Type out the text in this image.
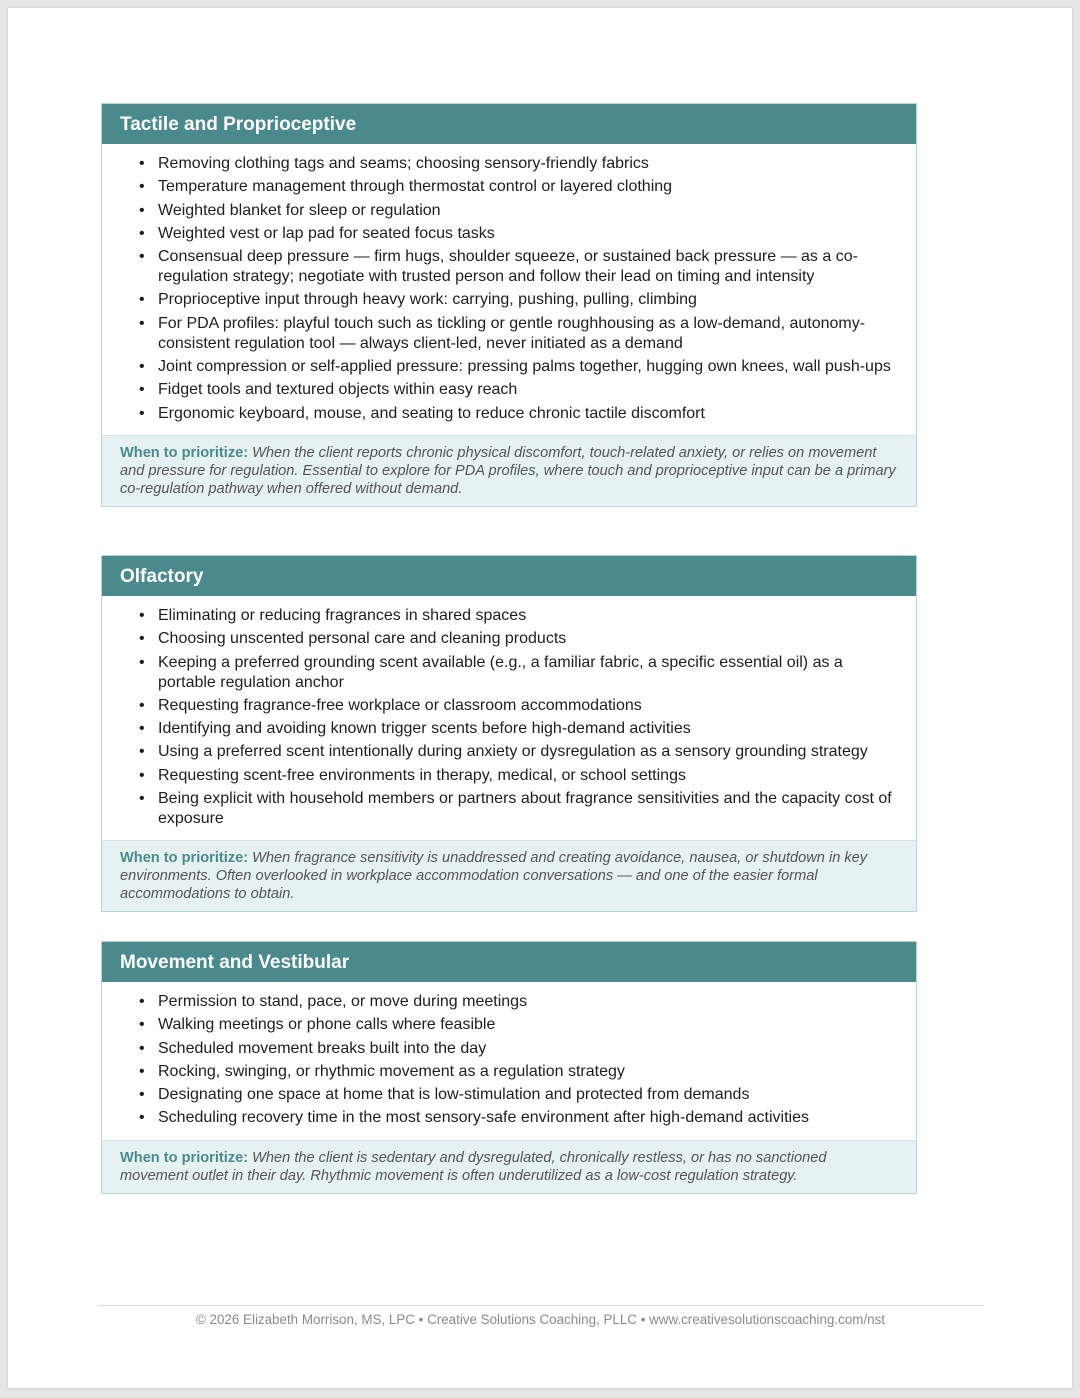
Tactile and Proprioceptive
• Removing clothing tags and seams; choosing sensory-friendly fabrics
• Temperature management through thermostat control or layered clothing
• Weighted blanket for sleep or regulation
• Weighted vest or lap pad for seated focus tasks
• Consensual deep pressure — firm hugs, shoulder squeeze, or sustained back pressure — as a co-regulation strategy; negotiate with trusted person and follow their lead on timing and intensity
• Proprioceptive input through heavy work: carrying, pushing, pulling, climbing
• For PDA profiles: playful touch such as tickling or gentle roughhousing as a low-demand, autonomy-consistent regulation tool — always client-led, never initiated as a demand
• Joint compression or self-applied pressure: pressing palms together, hugging own knees, wall push-ups
• Fidget tools and textured objects within easy reach
• Ergonomic keyboard, mouse, and seating to reduce chronic tactile discomfort
When to prioritize: When the client reports chronic physical discomfort, touch-related anxiety, or relies on movement and pressure for regulation. Essential to explore for PDA profiles, where touch and proprioceptive input can be a primary co-regulation pathway when offered without demand.
Olfactory
• Eliminating or reducing fragrances in shared spaces
• Choosing unscented personal care and cleaning products
• Keeping a preferred grounding scent available (e.g., a familiar fabric, a specific essential oil) as a portable regulation anchor
• Requesting fragrance-free workplace or classroom accommodations
• Identifying and avoiding known trigger scents before high-demand activities
• Using a preferred scent intentionally during anxiety or dysregulation as a sensory grounding strategy
• Requesting scent-free environments in therapy, medical, or school settings
• Being explicit with household members or partners about fragrance sensitivities and the capacity cost of exposure
When to prioritize: When fragrance sensitivity is unaddressed and creating avoidance, nausea, or shutdown in key environments. Often overlooked in workplace accommodation conversations — and one of the easier formal accommodations to obtain.
Movement and Vestibular
• Permission to stand, pace, or move during meetings
• Walking meetings or phone calls where feasible
• Scheduled movement breaks built into the day
• Rocking, swinging, or rhythmic movement as a regulation strategy
• Designating one space at home that is low-stimulation and protected from demands
• Scheduling recovery time in the most sensory-safe environment after high-demand activities
When to prioritize: When the client is sedentary and dysregulated, chronically restless, or has no sanctioned movement outlet in their day. Rhythmic movement is often underutilized as a low-cost regulation strategy.
© 2026 Elizabeth Morrison, MS, LPC • Creative Solutions Coaching, PLLC • www.creativesolutionscoaching.com/nst
